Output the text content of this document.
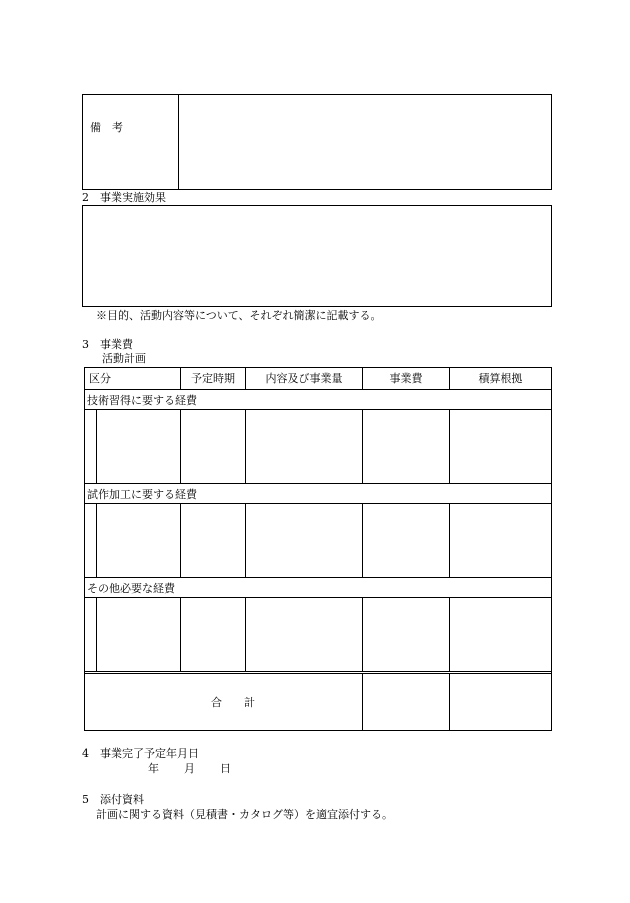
備　考
2　事業実施効果
※目的、活動内容等について、それぞれ簡潔に記載する。
3　事業費
活動計画
区分	予定時期	内容及び事業量	事業費	積算根拠
技術習得に要する経費
試作加工に要する経費
その他必要な経費
合　　計
4　事業完了予定年月日
年 月 日
5　添付資料
計画に関する資料（見積書・カタログ等）を適宜添付する。
